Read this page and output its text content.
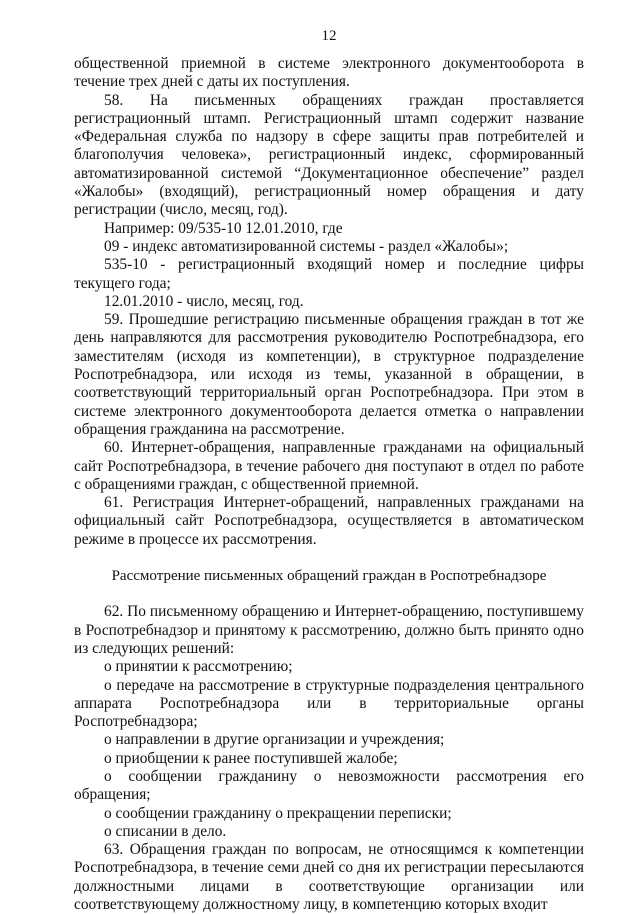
12

общественной приемной в системе электронного документооборота в течение трех дней с даты их поступления.

58. На письменных обращениях граждан проставляется регистрационный штамп. Регистрационный штамп содержит название «Федеральная служба по надзору в сфере защиты прав потребителей и благополучия человека», регистрационный индекс, сформированный автоматизированной системой “Документационное обеспечение” раздел «Жалобы» (входящий), регистрационный номер обращения и дату регистрации (число, месяц, год).

Например: 09/535-10 12.01.2010, где

09 - индекс автоматизированной системы - раздел «Жалобы»;

535-10 - регистрационный входящий номер и последние цифры текущего года;

12.01.2010 - число, месяц, год.

59. Прошедшие регистрацию письменные обращения граждан в тот же день направляются для рассмотрения руководителю Роспотребнадзора, его заместителям (исходя из компетенции), в структурное подразделение Роспотребнадзора, или исходя из темы, указанной в обращении, в соответствующий территориальный орган Роспотребнадзора. При этом в системе электронного документооборота делается отметка о направлении обращения гражданина на рассмотрение.

60. Интернет-обращения, направленные гражданами на официальный сайт Роспотребнадзора, в течение рабочего дня поступают в отдел по работе с обращениями граждан, с общественной приемной.

61. Регистрация Интернет-обращений, направленных гражданами на официальный сайт Роспотребнадзора, осуществляется в автоматическом режиме в процессе их рассмотрения.

Рассмотрение письменных обращений граждан в Роспотребнадзоре

62. По письменному обращению и Интернет-обращению, поступившему в Роспотребнадзор и принятому к рассмотрению, должно быть принято одно из следующих решений:

о принятии к рассмотрению;

о передаче на рассмотрение в структурные подразделения центрального аппарата Роспотребнадзора или в территориальные органы Роспотребнадзора;

о направлении в другие организации и учреждения;

о приобщении к ранее поступившей жалобе;

о сообщении гражданину о невозможности рассмотрения его обращения;

о сообщении гражданину о прекращении переписки;

о списании в дело.

63. Обращения граждан по вопросам, не относящимся к компетенции Роспотребнадзора, в течение семи дней со дня их регистрации пересылаются должностными лицами в соответствующие организации или соответствующему должностному лицу, в компетенцию которых входит
